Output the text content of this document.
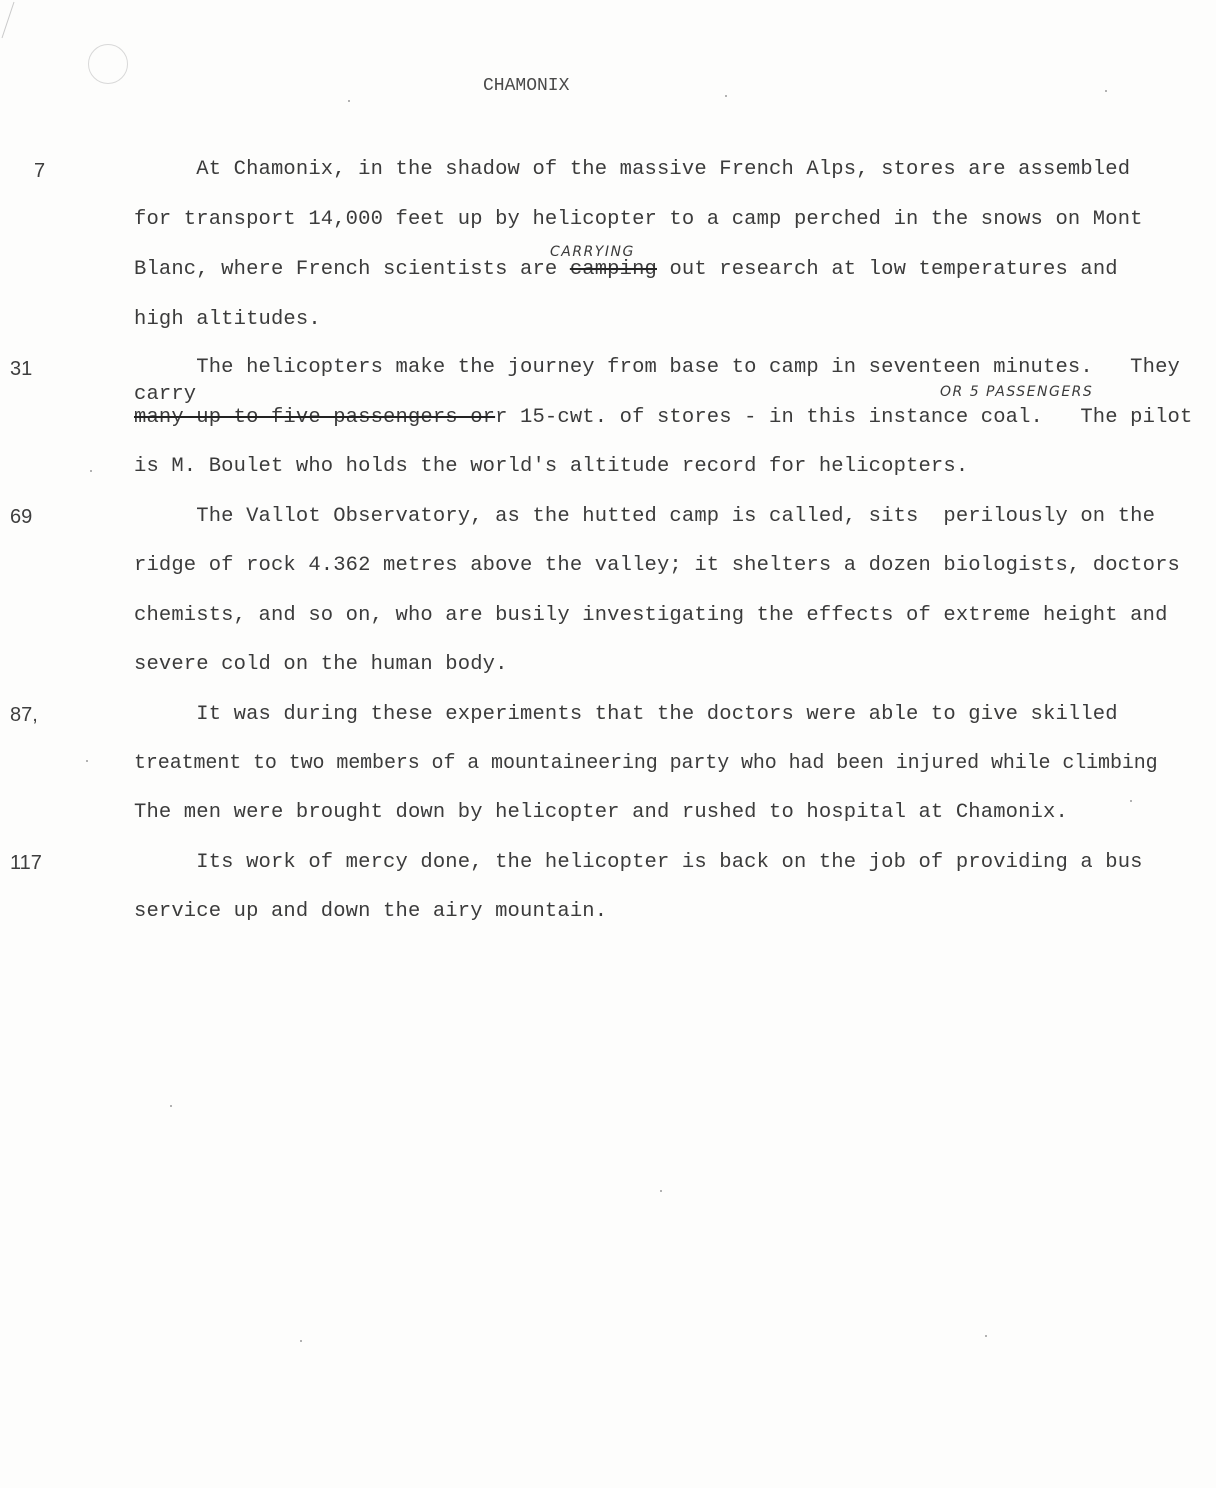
CHAMONIX
7	At Chamonix, in the shadow of the massive French Alps, stores are assembled
for transport 14,000 feet up by helicopter to a camp perched in the snows on Mont
CARRYING
Blanc, where French scientists are camping out research at low temperatures and
high altitudes.
31	The helicopters make the journey from base to camp in seventeen minutes.   They
carry	OR 5 PASSENGERS
many up to five passengers orr 15-cwt. of stores - in this instance coal.   The pilot
is M. Boulet who holds the world's altitude record for helicopters.
69	The Vallot Observatory, as the hutted camp is called, sits  perilously on the
ridge of rock 4.362 metres above the valley; it shelters a dozen biologists, doctors
chemists, and so on, who are busily investigating the effects of extreme height and
severe cold on the human body.
87,	It was during these experiments that the doctors were able to give skilled
treatment to two members of a mountaineering party who had been injured while climbing
The men were brought down by helicopter and rushed to hospital at Chamonix.
117	Its work of mercy done, the helicopter is back on the job of providing a bus
service up and down the airy mountain.
